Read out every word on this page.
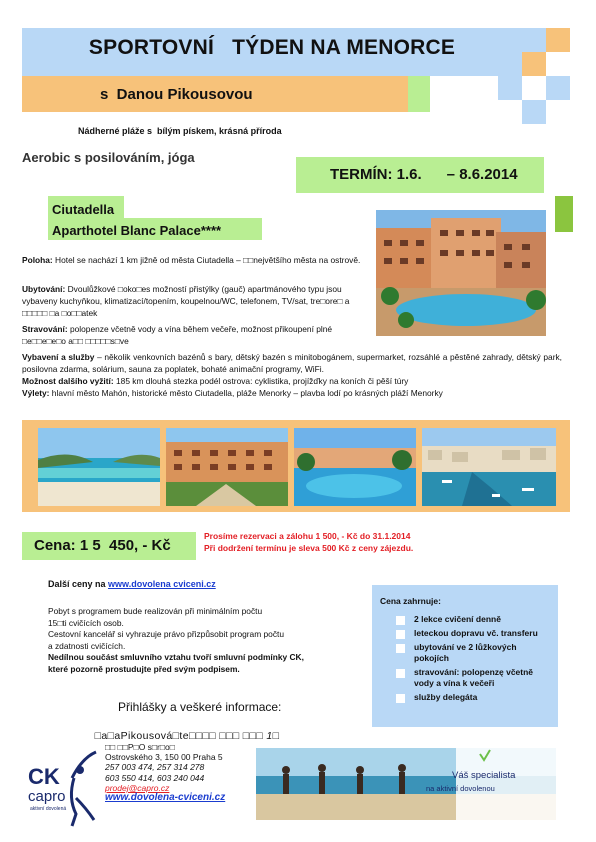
SPORTOVNÍ   TÝDEN NA MENORCE
s  Danou Pikousovou
Nádherné pláže s  bílým pískem, krásná příroda
Aerobic s posilováním, jóga
TERMÍN: 1.6.      – 8.6.2014
Ciutadella
Aparthotel Blanc Palace****
Poloha: Hotel se nachází 1 km jižně od města Ciutadella – □□největšího města na ostrově.
Ubytování: Dvoulůžkové □oko□es možností přistýlky (gauč) apartmánového typu jsou vybaveny kuchyňkou, klimatizací/topením, koupelnou/WC, telefonem, TV/sat, tre□ore□ a □□□□□ □a □o□□atek
Stravování: polopenze včetně vody a vína během večeře, možnost přikoupení plné □e□□e□e□o a□□ □□□□□s□ve
Vybavení a služby – několik venkovních bazénů s bary, dětský bazén s minitobogánem, supermarket, rozsáhlé a pěstěné zahrady, dětský park, posilovna zdarma, solárium, sauna za poplatek, bohaté animační programy, WiFi.
Možnost dalšího vyžití: 185 km dlouhá stezka podél ostrova: cyklistika, projížďky na koních či pěší túry
Výlety: hlavní město Mahón, historické město Ciutadella, pláže Menorky – plavba lodí po krásných pláží Menorky
Cena: 1 5  450, - Kč
Prosíme rezervaci a zálohu 1 500, - Kč do 31.1.2014
Při dodržení termínu je sleva 500 Kč z ceny zájezdu.
Další ceny na www.dovolena cviceni.cz
Pobyt s programem bude realizován při minimálním počtu
15□ti cvičících osob.
Cestovní kancelář si vyhrazuje právo přizpůsobit program počtu
a zdatnosti cvičících.
Nedílnou součást smluvního vztahu tvoří smluvní podmínky CK,
které pozorně prostudujte před svým podpisem.
Přihlášky a veškeré informace:

□a□aPikousová□te□□□□ □□□ □□□ 1□

Cena zahrnuje:
2 lekce cvičení denně
leteckou dopravu vč. transferu
ubytování ve 2 lůžkových pokojích
stravování: polopenzę včetně vody a vína k večeři
služby delegáta
CK
capro
aktivní dovolená
□□ □□P□O s□r□o□
Ostrovského 3, 150 00 Praha 5
257 003 474, 257 314 278
603 550 414, 603 240 044
prodej@capro.cz
www.dovolena-cviceni.cz
Váš specialista
na aktivní dovolenou
